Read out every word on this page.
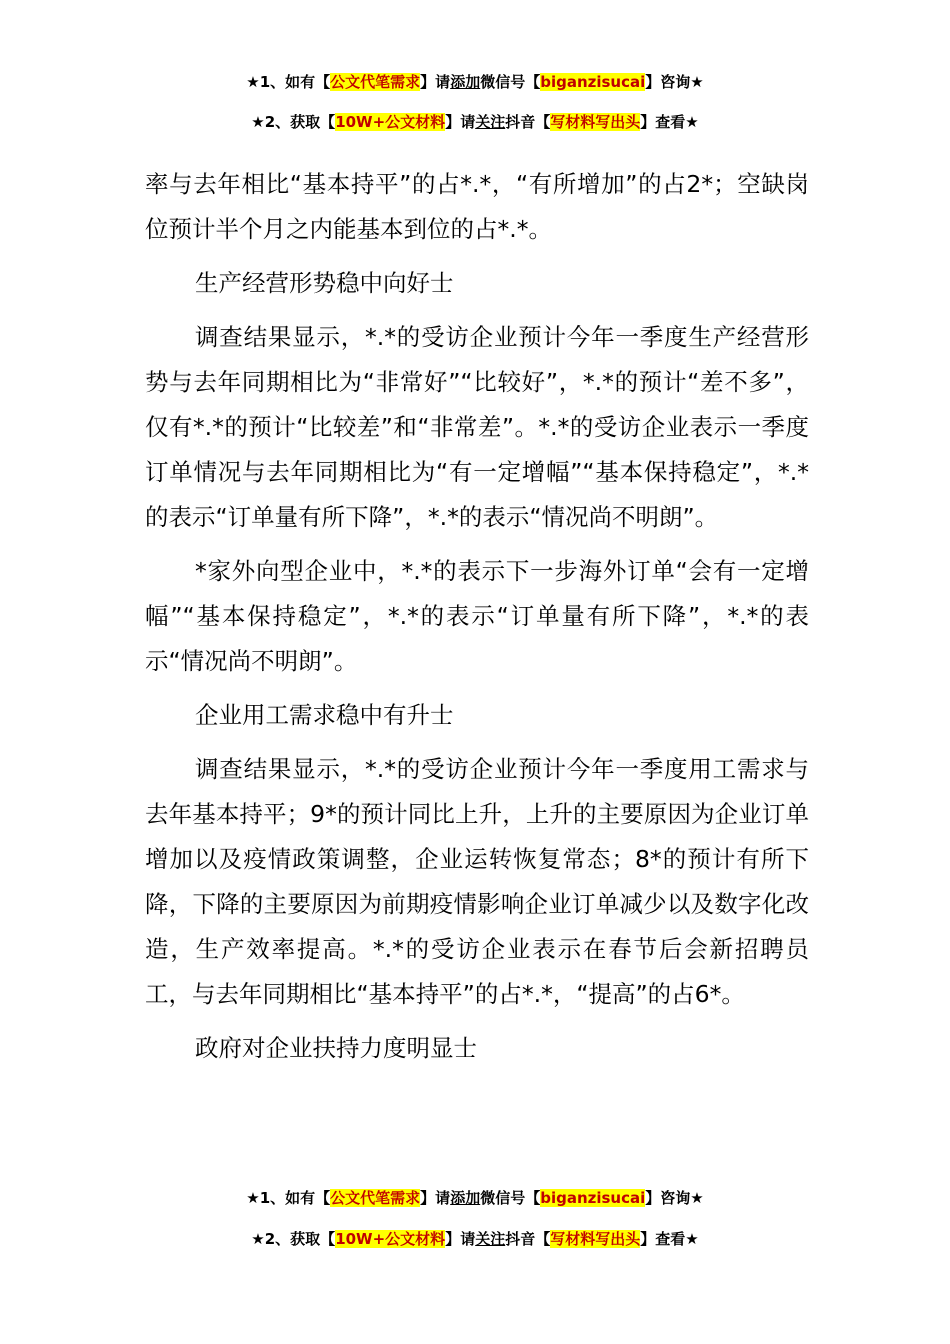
★1、如有【公文代笔需求】请添加微信号【biganzisucai】咨询★
★2、获取【10W+公文材料】请关注抖音【写材料写出头】查看★

率与去年相比“基本持平”的占*.*，“有所增加”的占2*；空缺岗位预计半个月之内能基本到位的占*.*。

生产经营形势稳中向好士

调查结果显示，*.*的受访企业预计今年一季度生产经营形势与去年同期相比为“非常好”“比较好”，*.*的预计“差不多”，仅有*.*的预计“比较差”和“非常差”。*.*的受访企业表示一季度订单情况与去年同期相比为“有一定增幅”“基本保持稳定”，*.*的表示“订单量有所下降”，*.*的表示“情况尚不明朗”。

*家外向型企业中，*.*的表示下一步海外订单“会有一定增幅”“基本保持稳定”，*.*的表示“订单量有所下降”，*.*的表示“情况尚不明朗”。

企业用工需求稳中有升士

调查结果显示，*.*的受访企业预计今年一季度用工需求与去年基本持平；9*的预计同比上升，上升的主要原因为企业订单增加以及疫情政策调整，企业运转恢复常态；8*的预计有所下降，下降的主要原因为前期疫情影响企业订单减少以及数字化改造，生产效率提高。*.*的受访企业表示在春节后会新招聘员工，与去年同期相比“基本持平”的占*.*，“提高”的占6*。

政府对企业扶持力度明显士

★1、如有【公文代笔需求】请添加微信号【biganzisucai】咨询★
★2、获取【10W+公文材料】请关注抖音【写材料写出头】查看★
